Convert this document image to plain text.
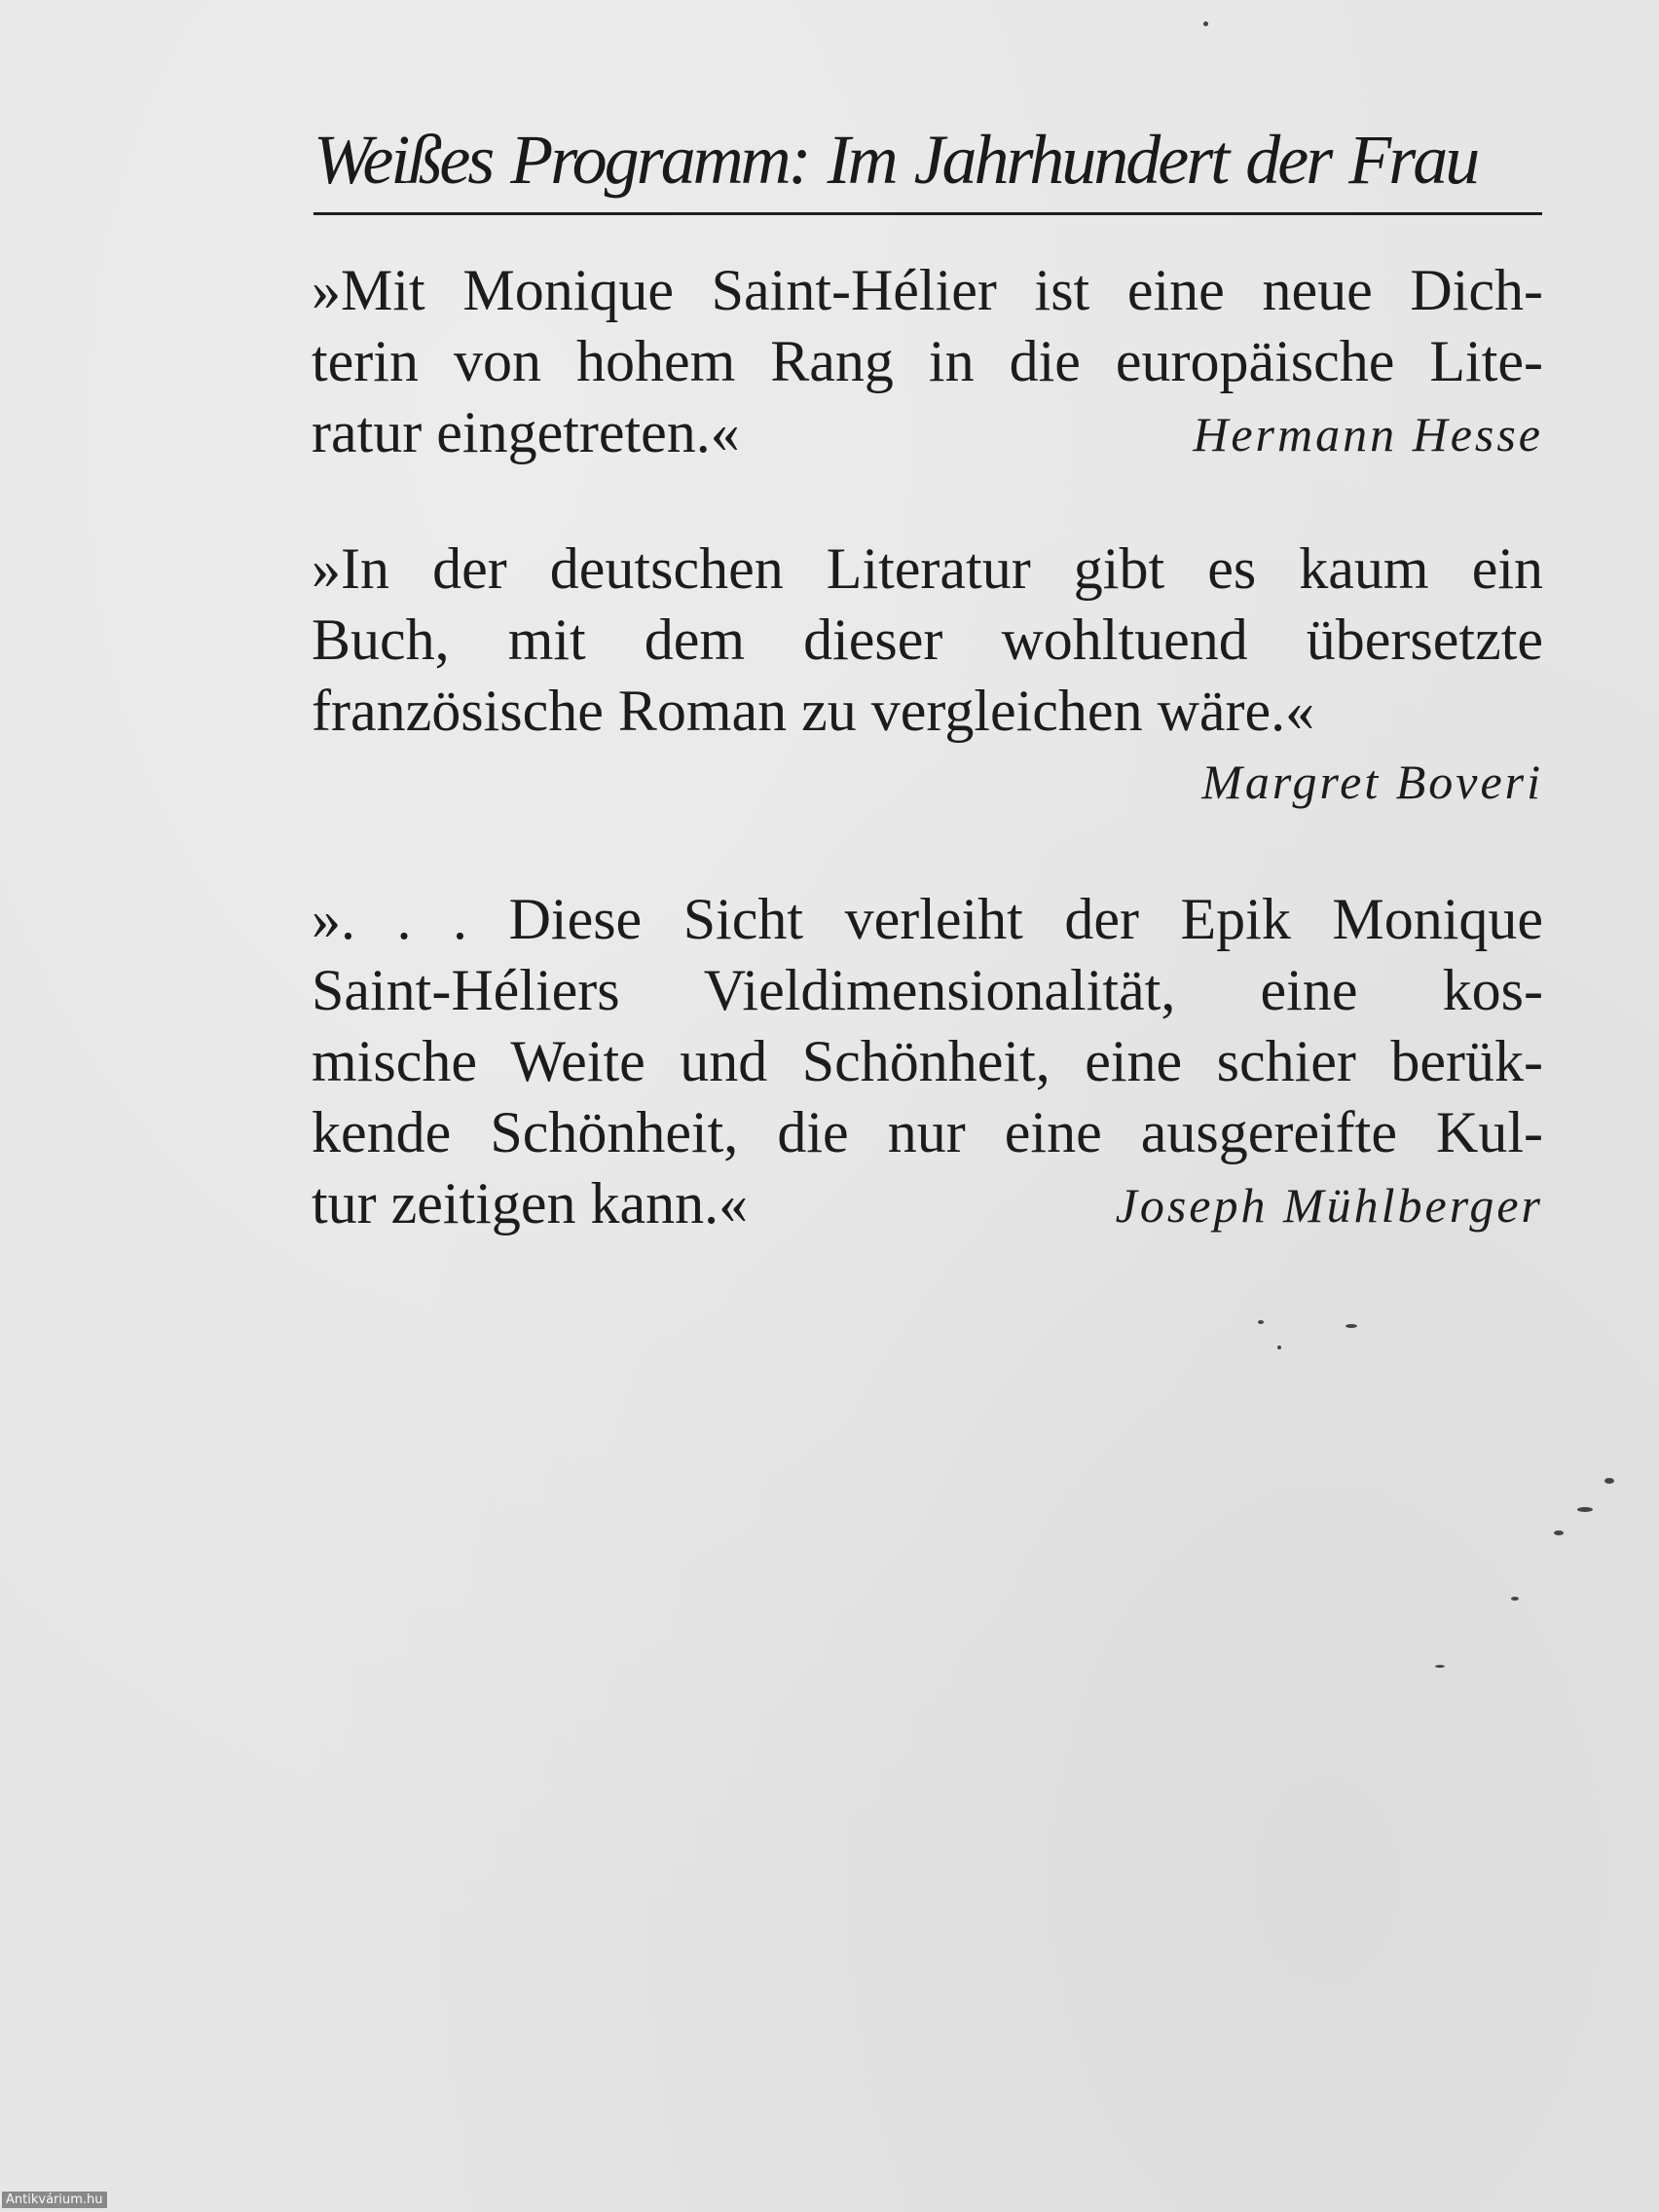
Weißes Programm: Im Jahrhundert der Frau
»Mit Monique Saint-Hélier ist eine neue Dich-
terin von hohem Rang in die europäische Lite-
ratur eingetreten.«	Hermann Hesse
»In der deutschen Literatur gibt es kaum ein
Buch, mit dem dieser wohltuend übersetzte
französische Roman zu vergleichen wäre.«
Margret Boveri
». . . Diese Sicht verleiht der Epik Monique
Saint-Héliers Vieldimensionalität, eine kos-
mische Weite und Schönheit, eine schier berük-
kende Schönheit, die nur eine ausgereifte Kul-
tur zeitigen kann.«	Joseph Mühlberger
Antikvárium.hu
